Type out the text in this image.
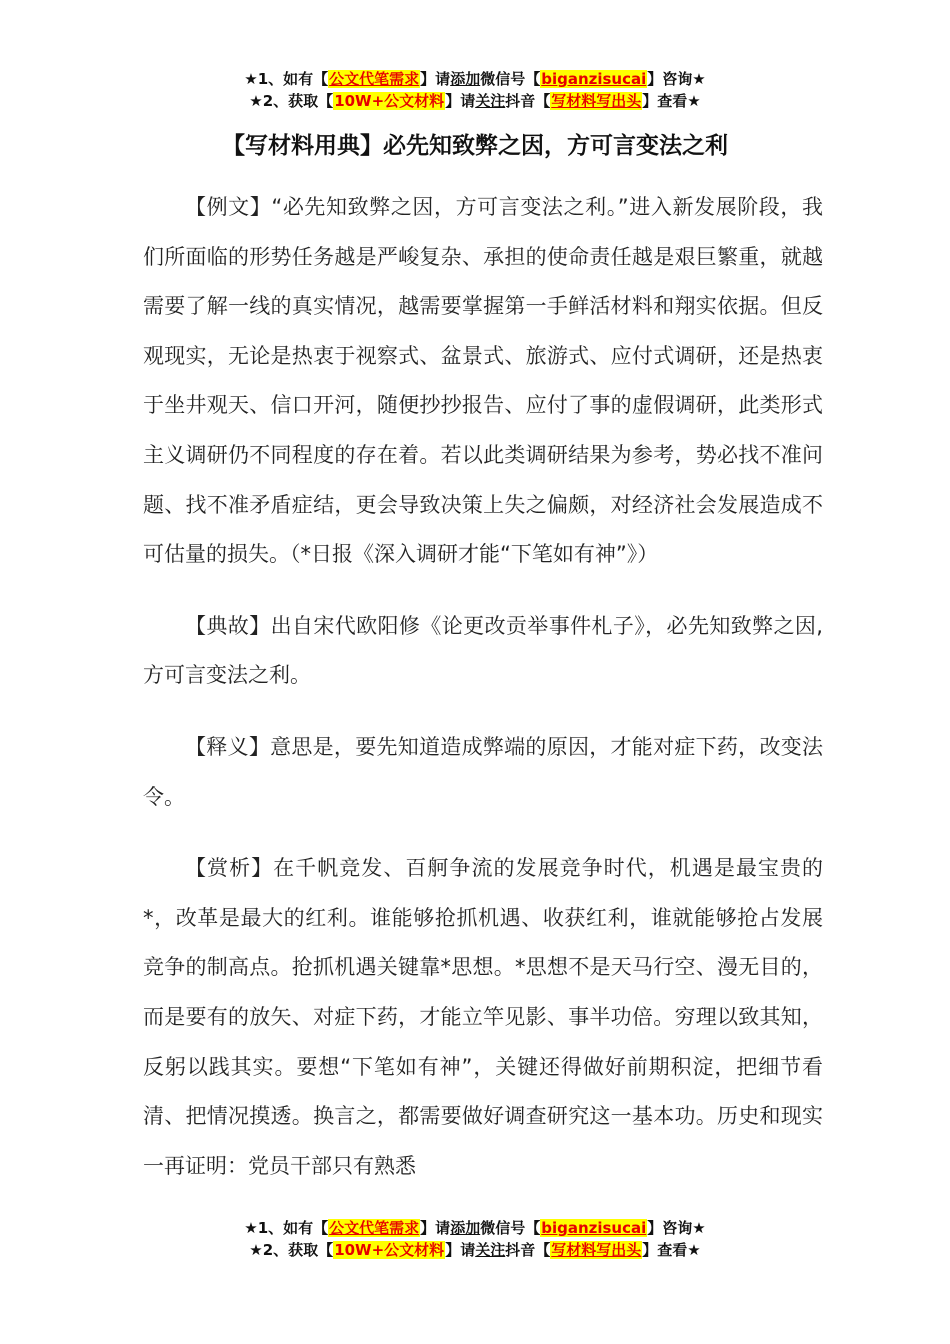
★1、如有【公文代笔需求】请添加微信号【biganzisucai】咨询★
★2、获取【10W+公文材料】请关注抖音【写材料写出头】查看★
【写材料用典】必先知致弊之因，方可言变法之利

【例文】“必先知致弊之因，方可言变法之利。”进入新发展阶段，我们所面临的形势任务越是严峻复杂、承担的使命责任越是艰巨繁重，就越需要了解一线的真实情况，越需要掌握第一手鲜活材料和翔实依据。但反观现实，无论是热衷于视察式、盆景式、旅游式、应付式调研，还是热衷于坐井观天、信口开河，随便抄抄报告、应付了事的虚假调研，此类形式主义调研仍不同程度的存在着。若以此类调研结果为参考，势必找不准问题、找不准矛盾症结，更会导致决策上失之偏颇，对经济社会发展造成不可估量的损失。（*日报《深入调研才能“下笔如有神”》）

【典故】出自宋代欧阳修《论更改贡举事件札子》，必先知致弊之因,方可言变法之利。

【释义】意思是，要先知道造成弊端的原因，才能对症下药，改变法令。

【赏析】在千帆竞发、百舸争流的发展竞争时代，机遇是最宝贵的*，改革是最大的红利。谁能够抢抓机遇、收获红利，谁就能够抢占发展竞争的制高点。抢抓机遇关键靠*思想。*思想不是天马行空、漫无目的，而是要有的放矢、对症下药，才能立竿见影、事半功倍。穷理以致其知，反躬以践其实。要想“下笔如有神”，关键还得做好前期积淀，把细节看清、把情况摸透。换言之，都需要做好调查研究这一基本功。历史和现实一再证明：党员干部只有熟悉

★1、如有【公文代笔需求】请添加微信号【biganzisucai】咨询★
★2、获取【10W+公文材料】请关注抖音【写材料写出头】查看★
